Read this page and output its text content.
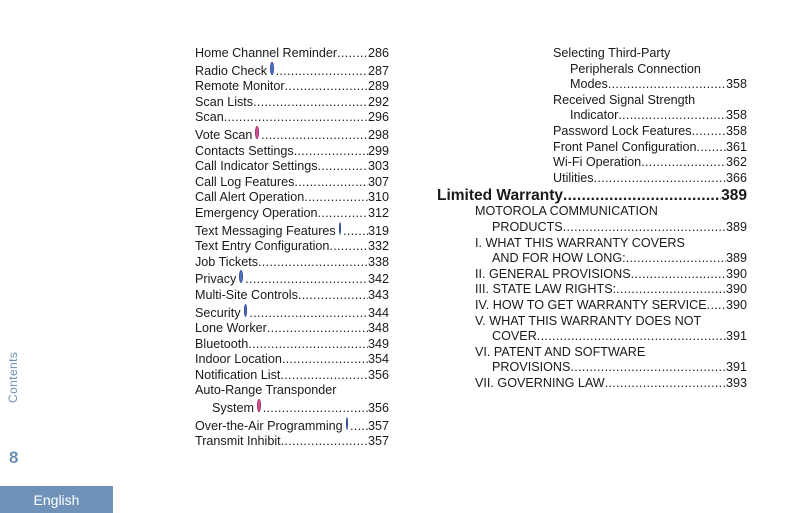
Home Channel Reminder ..... 286
Radio Check .....	287
Remote Monitor .....	289
Scan Lists .....	292
Scan .....	296
Vote Scan .....	298
Contacts Settings .....	299
Call Indicator Settings .....	303
Call Log Features .....	307
Call Alert Operation .....	310
Emergency Operation .....	312
Text Messaging Features .....	319
Text Entry Configuration .....	332
Job Tickets .....	338
Privacy .....	342
Multi-Site Controls .....	343
Security .....	344
Lone Worker .....	348
Bluetooth .....	349
Indoor Location .....	354
Notification List .....	356
Auto-Range Transponder
System .....	356
Over-the-Air Programming ..... 357
Transmit Inhibit .....	357
Selecting Third-Party
Peripherals Connection
Modes .....	358
Received Signal Strength
Indicator .....	358
Password Lock Features .....	358
Front Panel Configuration ..... 361
Wi-Fi Operation .....	362
Utilities .....	366
Limited Warranty .....	389
MOTOROLA COMMUNICATION
PRODUCTS .....	389
I. WHAT THIS WARRANTY COVERS
AND FOR HOW LONG: .....	389
II. GENERAL PROVISIONS .....	390
III. STATE LAW RIGHTS: .....	390
IV. HOW TO GET WARRANTY SERVICE ..... 390
V. WHAT THIS WARRANTY DOES NOT
COVER .....	391
VI. PATENT AND SOFTWARE
PROVISIONS .....	391
VII. GOVERNING LAW .....	393
Contents
8
English
